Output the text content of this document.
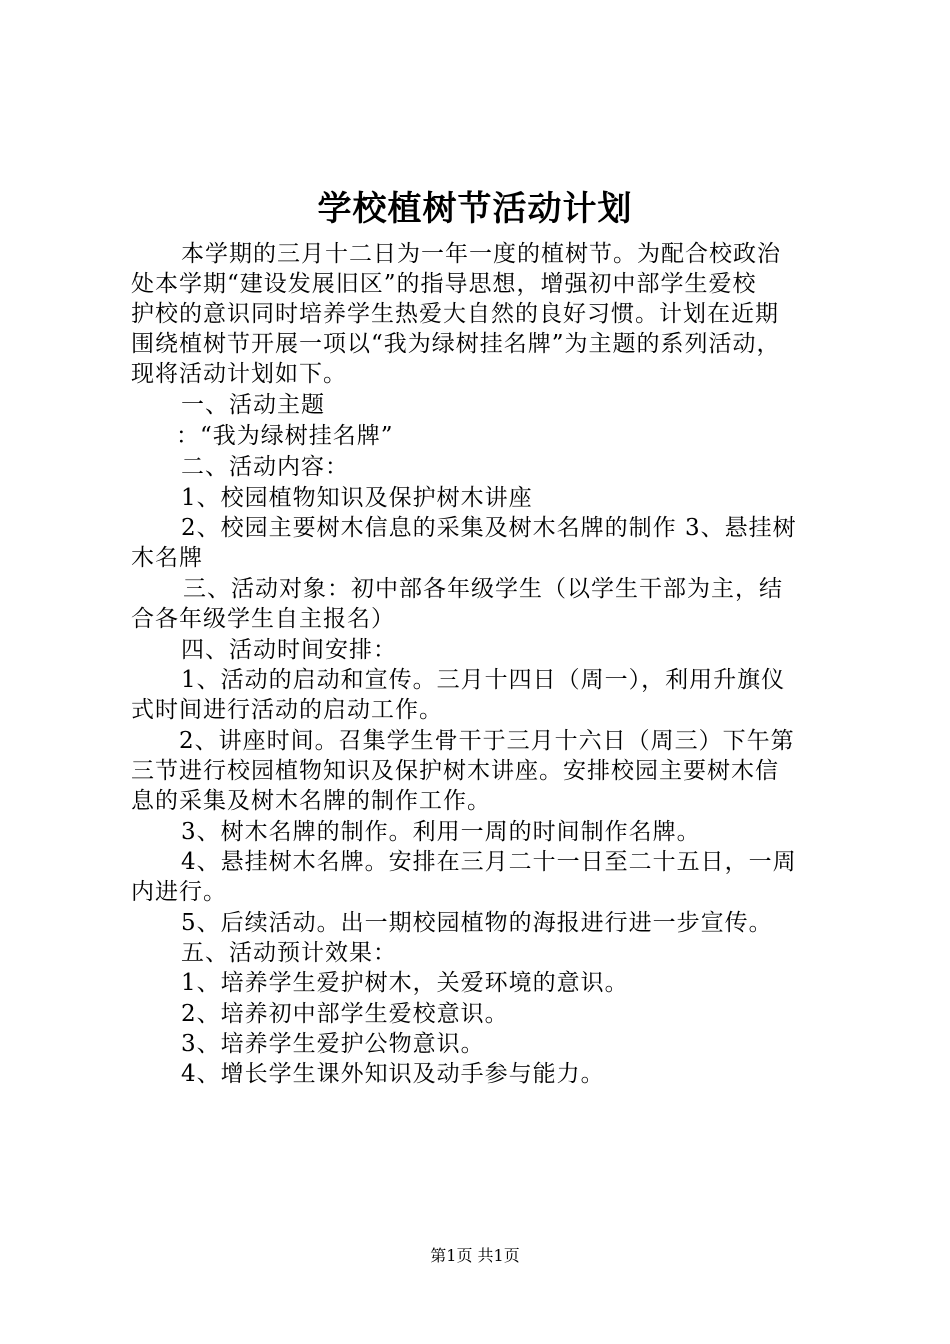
学校植树节活动计划
本学期的三月十二日为一年一度的植树节。为配合校政治
处本学期“建设发展旧区”的指导思想，增强初中部学生爱校
护校的意识同时培养学生热爱大自然的良好习惯。计划在近期
围绕植树节开展一项以“我为绿树挂名牌”为主题的系列活动，
现将活动计划如下。
一、活动主题
：“我为绿树挂名牌”
二、活动内容：
1、校园植物知识及保护树木讲座
2、校园主要树木信息的采集及树木名牌的制作 3、悬挂树
木名牌
三、活动对象：初中部各年级学生（以学生干部为主，结
合各年级学生自主报名）
四、活动时间安排：
1、活动的启动和宣传。三月十四日（周一），利用升旗仪
式时间进行活动的启动工作。
2、讲座时间。召集学生骨干于三月十六日（周三）下午第
三节进行校园植物知识及保护树木讲座。安排校园主要树木信
息的采集及树木名牌的制作工作。
3、树木名牌的制作。利用一周的时间制作名牌。
4、悬挂树木名牌。安排在三月二十一日至二十五日，一周
内进行。
5、后续活动。出一期校园植物的海报进行进一步宣传。
五、活动预计效果：
1、培养学生爱护树木，关爱环境的意识。
2、培养初中部学生爱校意识。
3、培养学生爱护公物意识。
4、增长学生课外知识及动手参与能力。
第1页 共1页
